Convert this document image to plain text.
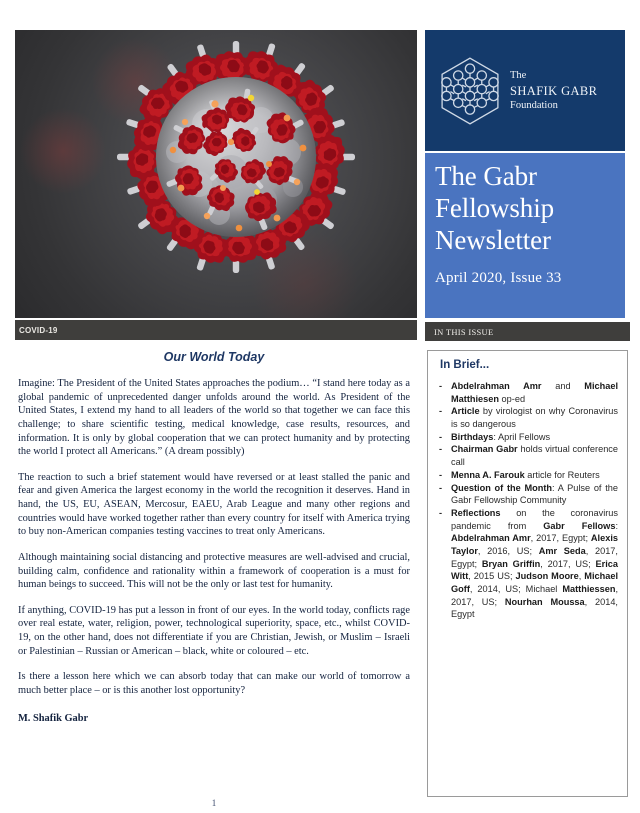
COVID-19
The
SHAFIK GABR
Foundation
The Gabr
Fellowship
Newsletter
April 2020, Issue 33
IN THIS ISSUE
Our World Today

Imagine: The President of the United States approaches the podium… “I stand here today as a global pandemic of unprecedented danger unfolds around the world. As President of the United States, I extend my hand to all leaders of the world so that together we can face this challenge; to share scientific testing, medical knowledge, case results, resources, and information. It is only by global cooperation that we can protect humanity and by protecting the world I protect all Americans.” (A dream possibly)

The reaction to such a brief statement would have reversed or at least stalled the panic and fear and given America the largest economy in the world the recognition it deserves. Hand in hand, the US, EU, ASEAN, Mercosur, EAEU, Arab League and many other regions and countries would have worked together rather than every country for itself with America trying to buy non-American companies testing vaccines to treat only Americans.

Although maintaining social distancing and protective measures are well-advised and crucial, building calm, confidence and rationality within a framework of cooperation is a must for human beings to succeed. This will not be the only or last test for humanity.

If anything, COVID-19 has put a lesson in front of our eyes. In the world today, conflicts rage over real estate, water, religion, power, technological superiority, space, etc., whilst COVID-19, on the other hand, does not differentiate if you are Christian, Jewish, or Muslim – Israeli or Palestinian – Russian or American – black, white or coloured – etc.

Is there a lesson here which we can absorb today that can make our world of tomorrow a much better place – or is this another lost opportunity?

M. Shafik Gabr

1
In Brief...
- Abdelrahman Amr and Michael Matthiesen op-ed
- Article by virologist on why Coronavirus is so dangerous
- Birthdays: April Fellows
- Chairman Gabr holds virtual conference call
- Menna A. Farouk article for Reuters
- Question of the Month: A Pulse of the Gabr Fellowship Community
- Reflections on the coronavirus pandemic from Gabr Fellows: Abdelrahman Amr, 2017, Egypt; Alexis Taylor, 2016, US; Amr Seda, 2017, Egypt; Bryan Griffin, 2017, US; Erica Witt, 2015 US; Judson Moore, Michael Goff, 2014, US; Michael Matthiessen, 2017, US; Nourhan Moussa, 2014, Egypt
